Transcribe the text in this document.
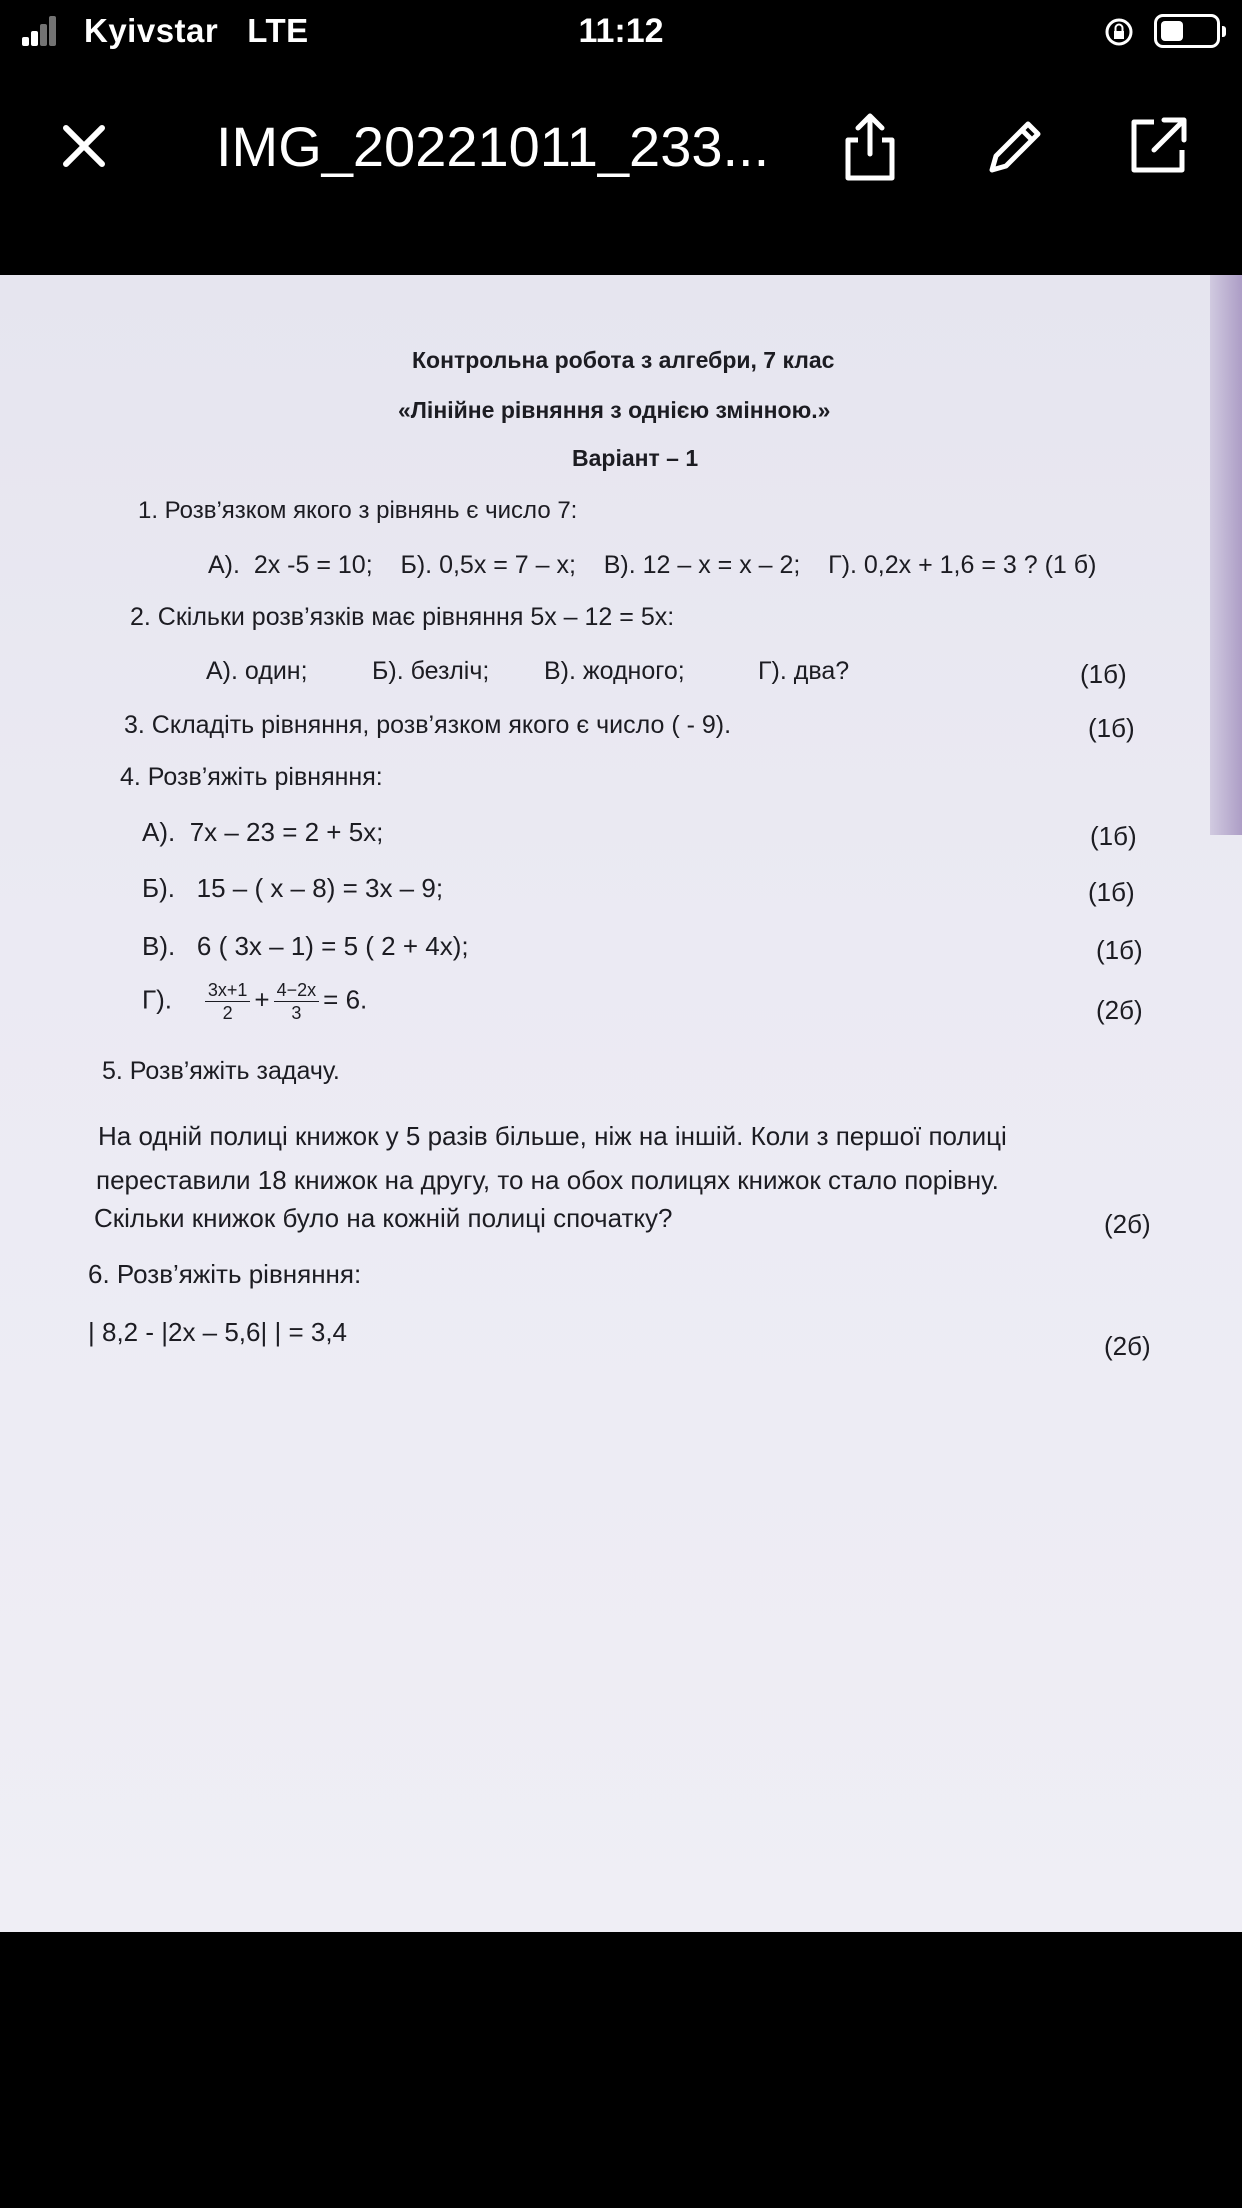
Kyivstar LTE	11:12
IMG_20221011_233...
Контрольна робота з алгебри, 7 клас
«Лінійне рівняння з однією змінною.»
Варіант – 1
1. Розв’язком якого з рівнянь є число 7:
А).  2x -5 = 10;    Б). 0,5х = 7 – х;    В). 12 – х = х – 2;    Г). 0,2х + 1,6 = 3 ? (1 б)
2. Скільки розв’язків має рівняння 5х – 12 = 5х:
А). один;	Б). безліч; В). жодного;	Г). два?	(1б)
3. Складіть рівняння, розв’язком якого є число ( - 9).	(1б)
4. Розв’яжіть рівняння:
А). 7х – 23 = 2 + 5х;	(1б)
Б). 15 – ( х – 8) = 3х – 9;	(1б)
В). 6 ( 3х – 1) = 5 ( 2 + 4х);	(1б)
Г). $\frac{3x+1}{2} + \frac{4-2x}{3} = 6$.	(2б)
5. Розв’яжіть задачу.
На одній полиці книжок у 5 разів більше, ніж на іншій. Коли з першої полиці
переставили 18 книжок на другу, то на обох полицях книжок стало порівну.
Скільки книжок було на кожній полиці спочатку?	(2б)
6. Розв’яжіть рівняння:
| 8,2 - |2х – 5,6| | = 3,4	(2б)
